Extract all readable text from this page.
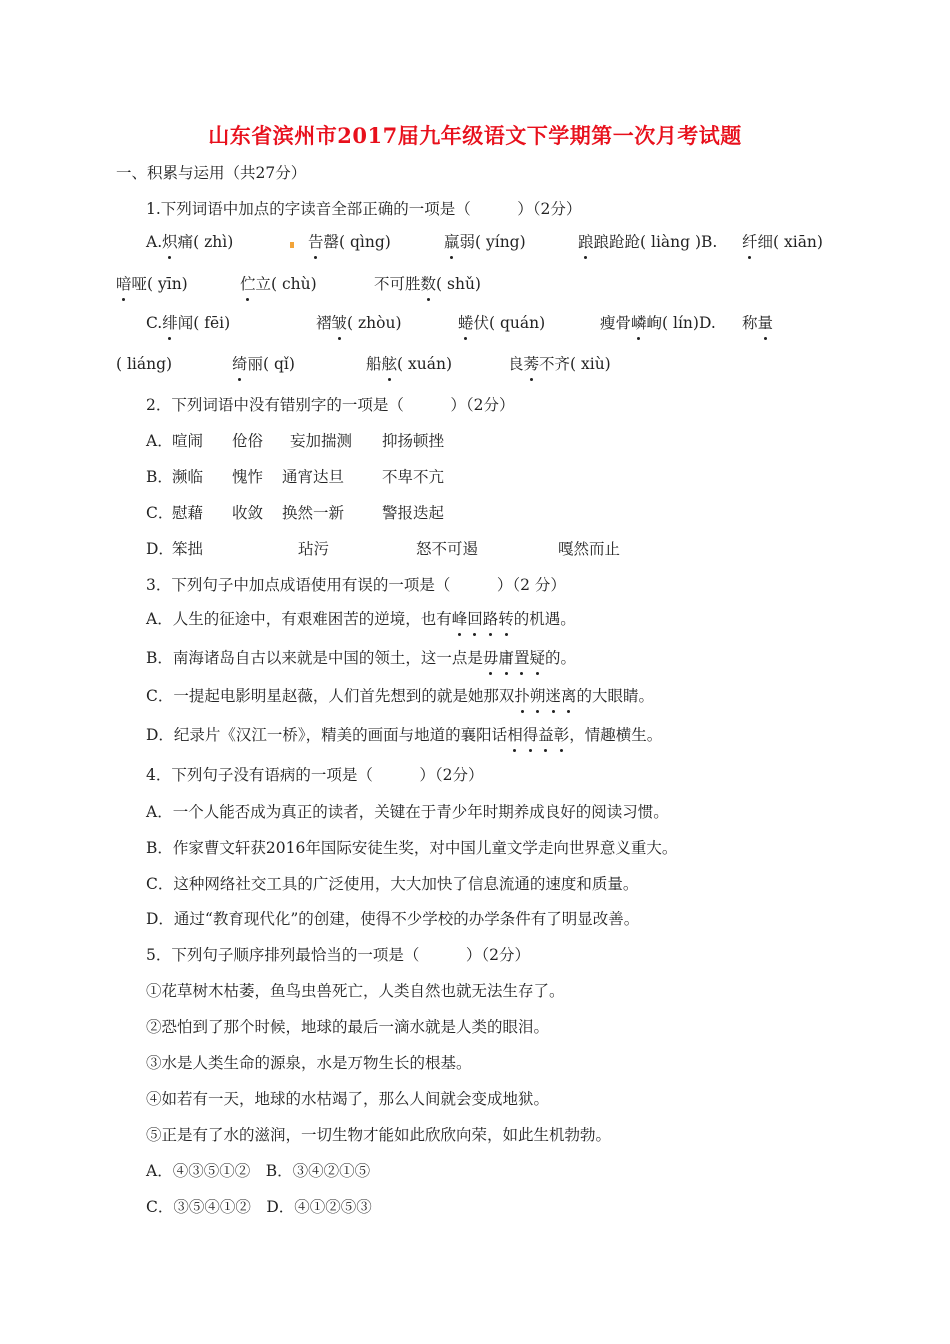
山东省滨州市2017届九年级语文下学期第一次月考试题
一、积累与运用（共27分）
1.下列词语中加点的字读音全部正确的一项是（　　　）（2分）
A.炽痛( zhì)	告罄( qìng)	羸弱( yíng)	踉踉跄跄( liàng )B. 纤细( xiān)
喑哑( yīn)	伫立( chù)	不可胜数( shǔ)
C.绯闻( fēi)	褶皱( zhòu)	蜷伏( quán)	瘦骨嶙峋( lín)D. 称量
( liáng)	绮丽( qǐ)	船舷( xuán)	良莠不齐( xiù)
2．下列词语中没有错别字的一项是（　　　）（2分）
A． 喧闹 伧俗 妄加揣测 抑扬顿挫
B． 濒临 愧怍 通宵达旦 不卑不亢
C．
慰藉 收敛 换然一新 警报迭起
D．
笨拙	玷污	怒不可遏	嘎然而止
3．下列句子中加点成语使用有误的一项是（　　　）（2 分）
A．人生的征途中，有艰难困苦的逆境，也有峰回路转的机遇。
B．南海诸岛自古以来就是中国的领土，这一点是毋庸置疑的。
C．一提起电影明星赵薇，人们首先想到的就是她那双扑朔迷离的大眼睛。
D．纪录片《汉江一桥》，精美的画面与地道的襄阳话相得益彰，情趣横生。
4．下列句子没有语病的一项是（　　　）（2分）
A．一个人能否成为真正的读者，关键在于青少年时期养成良好的阅读习惯。
B．作家曹文轩获2016年国际安徒生奖，对中国儿童文学走向世界意义重大。
C．这种网络社交工具的广泛使用，大大加快了信息流通的速度和质量。
D．通过“教育现代化”的创建，使得不少学校的办学条件有了明显改善。
5．下列句子顺序排列最恰当的一项是（　　　）（2分）
①花草树木枯萎，鱼鸟虫兽死亡，人类自然也就无法生存了。
②恐怕到了那个时候，地球的最后一滴水就是人类的眼泪。
③水是人类生命的源泉，水是万物生长的根基。
④如若有一天，地球的水枯竭了，那么人间就会变成地狱。
⑤正是有了水的滋润，一切生物才能如此欣欣向荣，如此生机勃勃。
A．④③⑤①②　B．③④②①⑤
C．③⑤④①②　D．④①②⑤③
